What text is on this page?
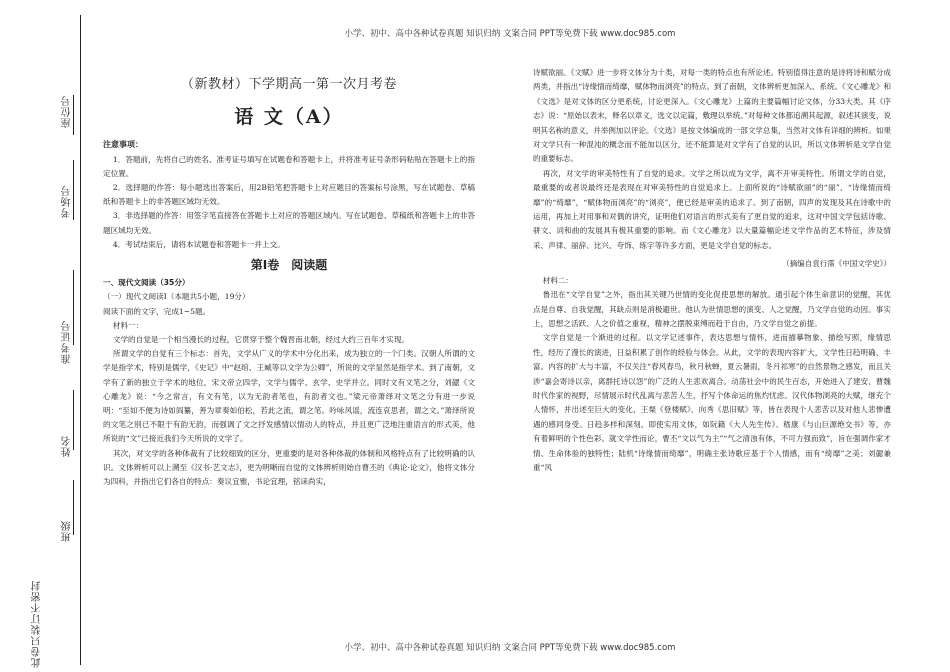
小学、初中、高中各种试卷真题 知识归纳 文案合同 PPT等免费下载 www.doc985.com
小学、初中、高中各种试卷真题 知识归纳 文案合同 PPT等免费下载 www.doc985.com
座位号
考场号
准考证号
姓名
班级
此卷只装订不密封
（新教材）下学期高一第一次月考卷
语 文（A）
注意事项：

1．答题前，先将自己的姓名、准考证号填写在试题卷和答题卡上，并将准考证号条形码粘贴在答题卡上的指定位置。

2．选择题的作答：每小题选出答案后，用2B铅笔把答题卡上对应题目的答案标号涂黑，写在试题卷、草稿纸和答题卡上的非答题区域均无效。

3．非选择题的作答：用签字笔直接答在答题卡上对应的答题区域内。写在试题卷、草稿纸和答题卡上的非答题区域均无效。

4．考试结束后，请将本试题卷和答题卡一并上交。

第Ⅰ卷　阅读题

一、现代文阅读（35分）

（一）现代文阅读Ⅰ（本题共5小题，19分）

阅读下面的文字，完成1~5题。

材料一：

文学的自觉是一个相当漫长的过程，它贯穿于整个魏晋南北朝，经过大约三百年才实现。

所谓文学的自觉有三个标志：首先，文学从广义的学术中分化出来，成为独立的一个门类。汉朝人所谓的文学是指学术，特别是儒学，《史记》中“赵绾、王臧等以文学为公卿”，所说的文学显然是指学术。到了南朝，文学有了新的独立于学术的地位，宋文帝立四学，文学与儒学、玄学、史学并立。同时文有文笔之分，刘勰《文心雕龙》说：“今之常言，有文有笔，以为无韵者笔也，有韵者文也。”梁元帝萧绎对文笔之分有进一步说明：“至如不便为诗如阎纂，善为章奏如伯松，若此之流，谓之笔。吟咏风谣，流连哀思者，谓之文。”萧绎所说的文笔之别已不限于有韵无韵，而强调了文之抒发感情以情动人的特点，并且更广泛地注重语言的形式美，他所说的“文”已接近我们今天所说的文学了。

其次，对文学的各种体裁有了比较细致的区分，更重要的是对各种体裁的体制和风格特点有了比较明确的认识。文体辨析可以上溯至《汉书·艺文志》，更为明晰而自觉的文体辨析则始自曹丕的《典论·论文》，他将文体分为四科，并指出它们各自的特点：奏议宜雅，书论宜理，铭诔尚实，

诗赋欲丽。《文赋》进一步将文体分为十类，对每一类的特点也有所论述。特别值得注意的是诗将诗和赋分成两类，并指出“诗缘情而绮靡，赋体物而浏亮”的特点。到了南朝，文体辨析更加深入、系统。《文心雕龙》和《文选》是对文体的区分更系统，讨论更深入。《文心雕龙》上篇的主要篇幅讨论文体，分33大类。其《序志》说：“原始以表末，释名以章义，选文以定篇，敷理以举统。”对每种文体都追溯其起源，叙述其演变，说明其名称的意义，并举例加以评论。《文选》是按文体编成的一部文学总集，当然对文体有详细的辨析。如果对文学只有一种混沌的概念而不能加以区分，还不能算是对文学有了自觉的认识，所以文体辨析是文学自觉的重要标志。

再次，对文学的审美特性有了自觉的追求。文学之所以成为文学，离不开审美特性。所谓文学的自觉，最重要的或者说最终还是表现在对审美特性的自觉追求上。上面所说的“诗赋欲丽”的“丽”、“诗缘情而绮靡”的“绮靡”，“赋体物而浏亮”的“浏亮”，便已经是审美的追求了。到了南朝，四声的发现及其在诗歌中的运用，再加上对用事和对偶的讲究，证明他们对语言的形式美有了更自觉的追求，这对中国文学包括诗歌、骈文、词和曲的发展具有极其重要的影响。而《文心雕龙》以大量篇幅论述文学作品的艺术特征，涉及情采、声律、丽辞、比兴、夸饰、练字等许多方面，更是文学自觉的标志。

（摘编自袁行霈《中国文学史》）

材料二：

鲁迅在“文学自觉”之外，指出其关键乃世情的变化促使思想的解放。通引起个体生命意识的觉醒，其优点是自尊、自我觉醒，其缺点则是消极避世。他认为世情思想的演变、人之觉醒，乃文学自觉的动因。事实上，思想之活跃、人之价值之重视，精神之摆脱束缚而趋于自由，乃文学自觉之前提。

文学自觉是一个渐进的过程。以文学记述事件，表达思想与情怀，进而描摹物象、描绘写照，缘情思性，经历了漫长的演进，日益积累了创作的经验与体会。从此，文学的表现内容扩大，文学性日趋明确、丰富。内容的扩大与丰富，不仅关注“春风春鸟，秋月秋蝉，夏云暑雨，冬月祁寒”的自然景物之感发，而且关涉“嘉会寄诗以亲，离群托诗以怨”的广泛的人生悲欢离合。动荡社会中的民生百态，开始进入了建安、曹魏时代作家的视野，尽情展示时代乱离与悲苦人生，抒写个体命运的焦灼忧虑。汉代体物浏亮的大赋，继充个人情怀，并出述至巨大的变化，王粲《登楼赋》、向秀《思旧赋》等，皆在表现个人悲苦以及对他人悲惨遭遇的感同身受。日趋多样和深刻。即使实用文体，如阮籍《大人先生传》、嵇康《与山巨源绝交书》等，亦有着鲜明的个性色彩。就文学性而论，曹丕“文以气为主”“气之清浊有体，不可力强而致”，旨在强调作家才情、生命体验的独特性；陆机“诗缘情而绮靡”，明确主张诗歌应基于个人情感，而有“绮靡”之美；刘勰兼重“风
